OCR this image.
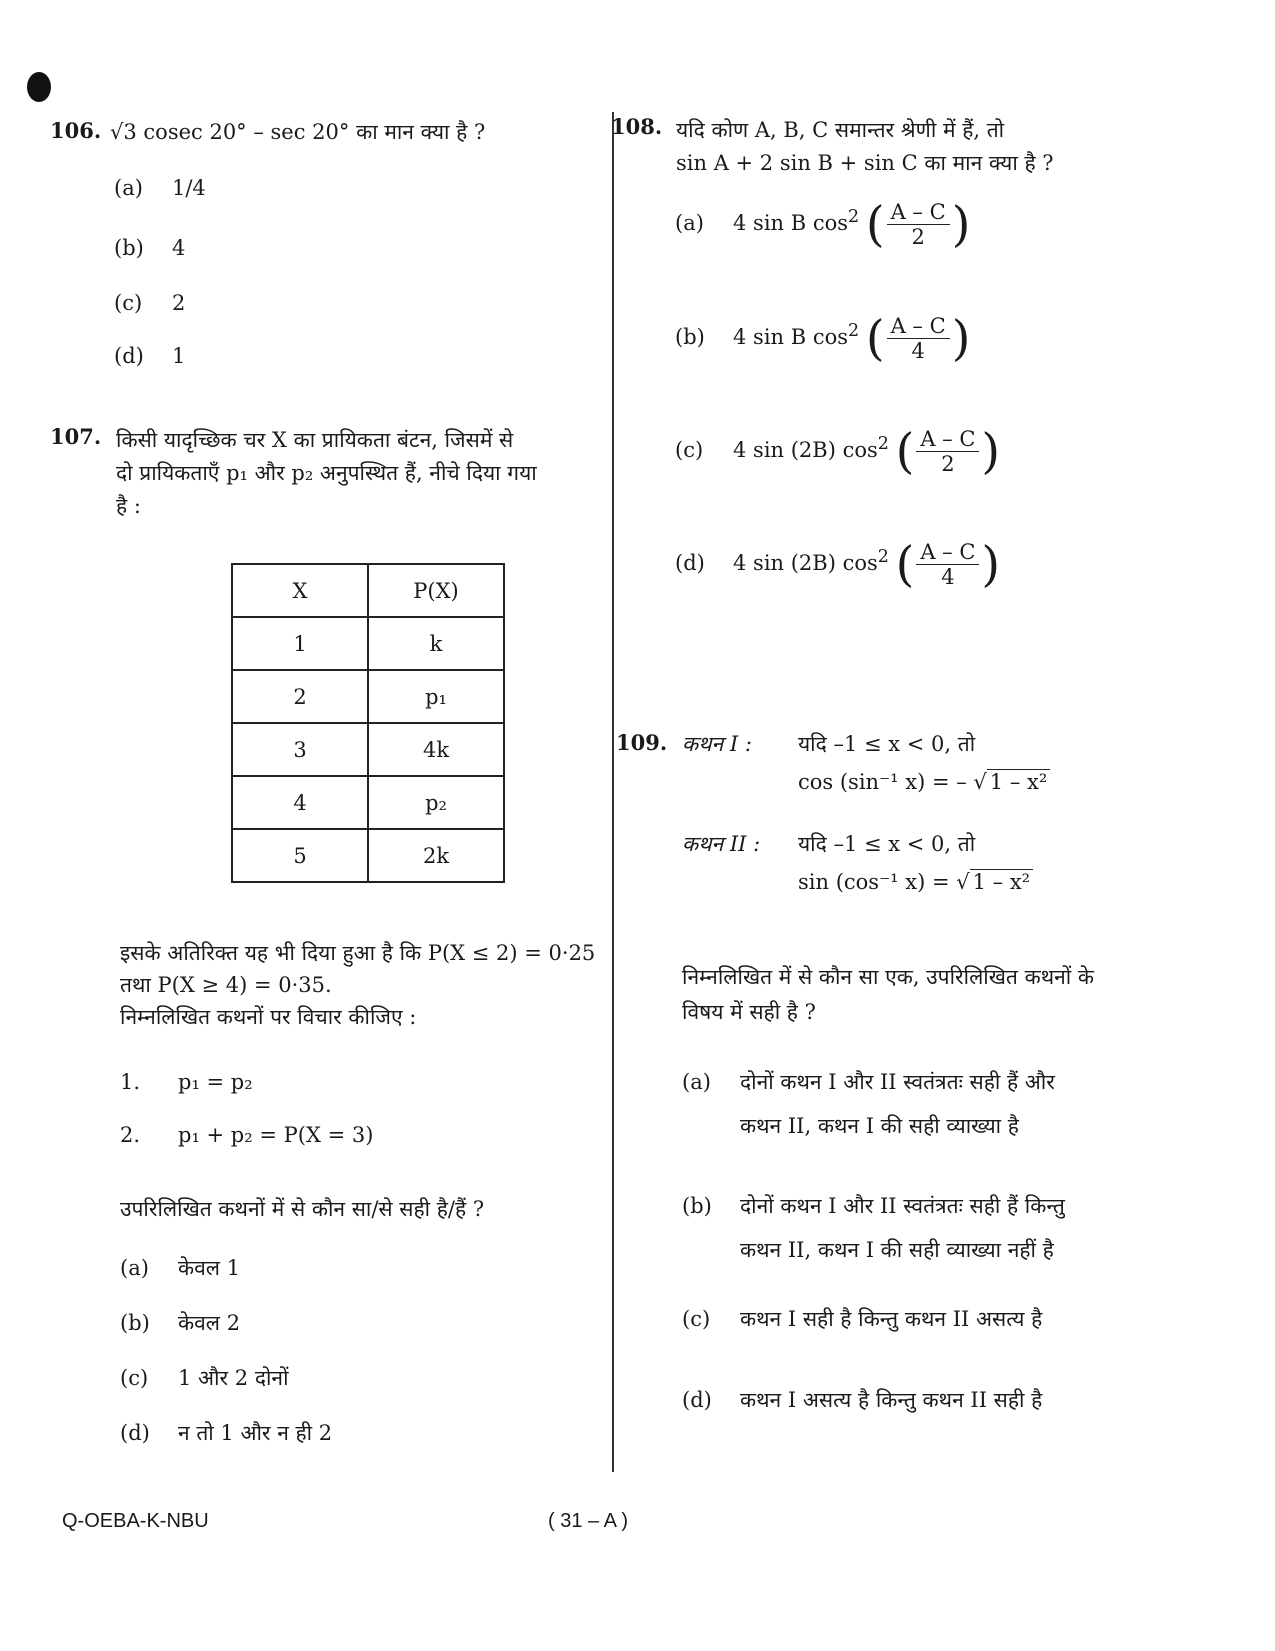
106. √3 cosec 20° – sec 20° का मान क्या है ?
(a) 1/4
(b) 4
(c) 2
(d) 1
107. किसी यादृच्छिक चर X का प्रायिकता बंटन, जिसमें से
दो प्रायिकताएँ p₁ और p₂ अनुपस्थित हैं, नीचे दिया गया
है :
X	P(X)
1	k
2	p₁
3	4k
4	p₂
5	2k
इसके अतिरिक्त यह भी दिया हुआ है कि P(X ≤ 2) = 0·25
तथा P(X ≥ 4) = 0·35.
निम्नलिखित कथनों पर विचार कीजिए :
1. p₁ = p₂
2. p₁ + p₂ = P(X = 3)
उपरिलिखित कथनों में से कौन सा/से सही है/हैं ?
(a) केवल 1
(b) केवल 2
(c) 1 और 2 दोनों
(d) न तो 1 और न ही 2
108. यदि कोण A, B, C समान्तर श्रेणी में हैं, तो
sin A + 2 sin B + sin C का मान क्या है ?
(a) 4 sin B $\cos^2$ ( $\frac{A - C}{2}$ )
(b) 4 sin B $\cos^2$ ( $\frac{A - C}{4}$ )
(c) 4 sin (2B) $\cos^2$ ( $\frac{A - C}{2}$ )
(d) 4 sin (2B) $\cos^2$ ( $\frac{A - C}{4}$ )
109. कथन I : यदि –1 ≤ x < 0, तो
cos (sin⁻¹ x) = – √ 1 – x²
कथन II : यदि –1 ≤ x < 0, तो
sin (cos⁻¹ x) = √ 1 – x²
निम्नलिखित में से कौन सा एक, उपरिलिखित कथनों के
विषय में सही है ?
(a) दोनों कथन I और II स्वतंत्रतः सही हैं और
कथन II, कथन I की सही व्याख्या है
(b) दोनों कथन I और II स्वतंत्रतः सही हैं किन्तु
कथन II, कथन I की सही व्याख्या नहीं है
(c) कथन I सही है किन्तु कथन II असत्य है
(d) कथन I असत्य है किन्तु कथन II सही है
Q-OEBA-K-NBU	( 31 – A )
